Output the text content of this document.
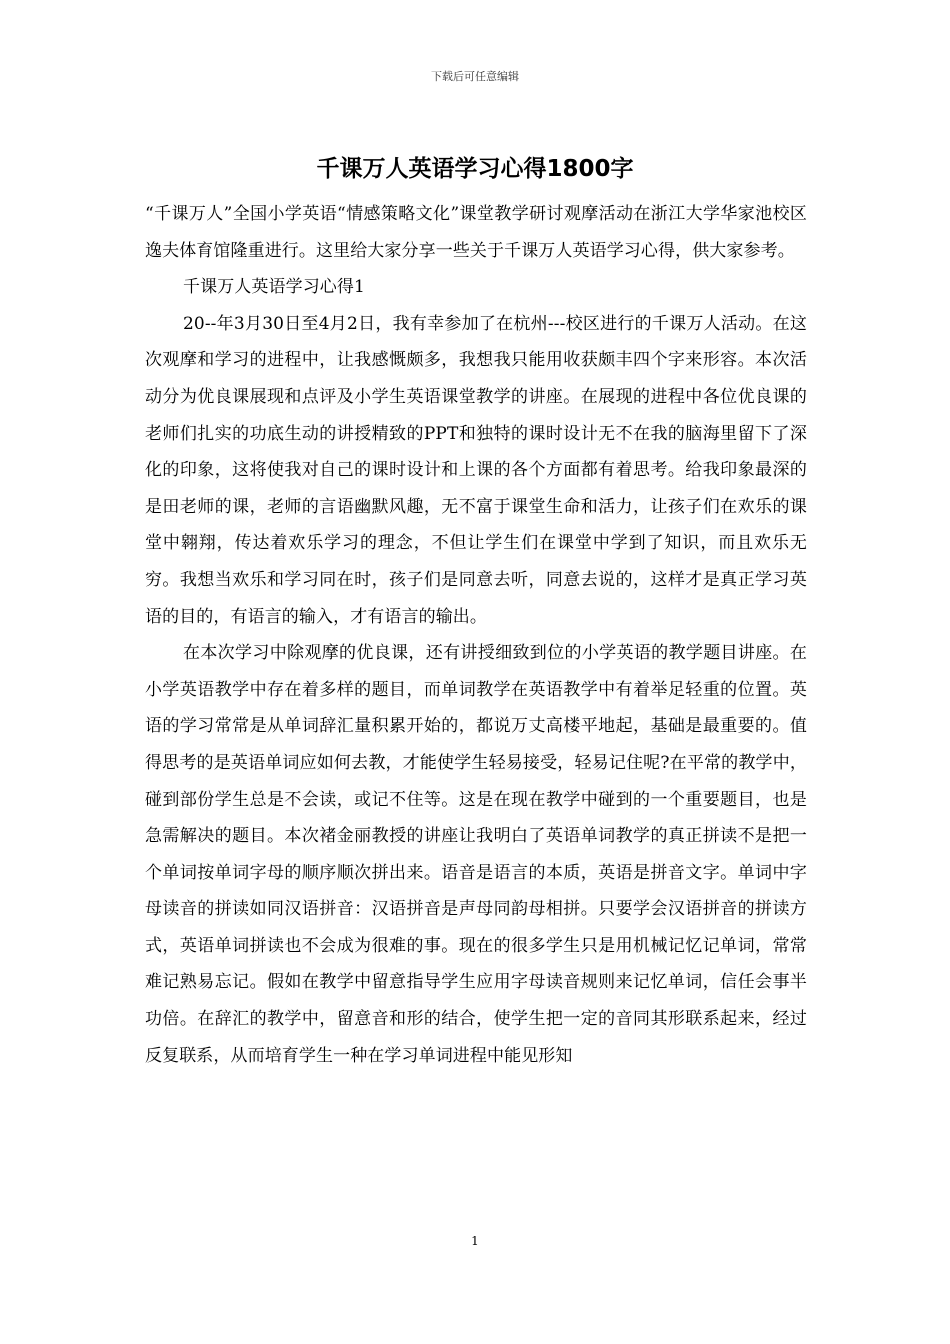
下载后可任意编辑
千课万人英语学习心得1800字

“千课万人”全国小学英语“情感策略文化”课堂教学研讨观摩活动在浙江大学华家池校区逸夫体育馆隆重进行。这里给大家分享一些关于千课万人英语学习心得，供大家参考。

千课万人英语学习心得1

20--年3月30日至4月2日，我有幸参加了在杭州---校区进行的千课万人活动。在这次观摩和学习的进程中，让我感慨颇多，我想我只能用收获颇丰四个字来形容。本次活动分为优良课展现和点评及小学生英语课堂教学的讲座。在展现的进程中各位优良课的老师们扎实的功底生动的讲授精致的PPT和独特的课时设计无不在我的脑海里留下了深化的印象，这将使我对自己的课时设计和上课的各个方面都有着思考。给我印象最深的是田老师的课，老师的言语幽默风趣，无不富于课堂生命和活力，让孩子们在欢乐的课堂中翱翔，传达着欢乐学习的理念，不但让学生们在课堂中学到了知识，而且欢乐无穷。我想当欢乐和学习同在时，孩子们是同意去听，同意去说的，这样才是真正学习英语的目的，有语言的输入，才有语言的输出。

在本次学习中除观摩的优良课，还有讲授细致到位的小学英语的教学题目讲座。在小学英语教学中存在着多样的题目，而单词教学在英语教学中有着举足轻重的位置。英语的学习常常是从单词辞汇量积累开始的，都说万丈高楼平地起，基础是最重要的。值得思考的是英语单词应如何去教，才能使学生轻易接受，轻易记住呢?在平常的教学中，碰到部份学生总是不会读，或记不住等。这是在现在教学中碰到的一个重要题目，也是急需解决的题目。本次褚金丽教授的讲座让我明白了英语单词教学的真正拼读不是把一个单词按单词字母的顺序顺次拼出来。语音是语言的本质，英语是拼音文字。单词中字母读音的拼读如同汉语拼音：汉语拼音是声母同韵母相拼。只要学会汉语拼音的拼读方式，英语单词拼读也不会成为很难的事。现在的很多学生只是用机械记忆记单词，常常难记熟易忘记。假如在教学中留意指导学生应用字母读音规则来记忆单词，信任会事半功倍。在辞汇的教学中，留意音和形的结合，使学生把一定的音同其形联系起来，经过反复联系，从而培育学生一种在学习单词进程中能见形知

1
